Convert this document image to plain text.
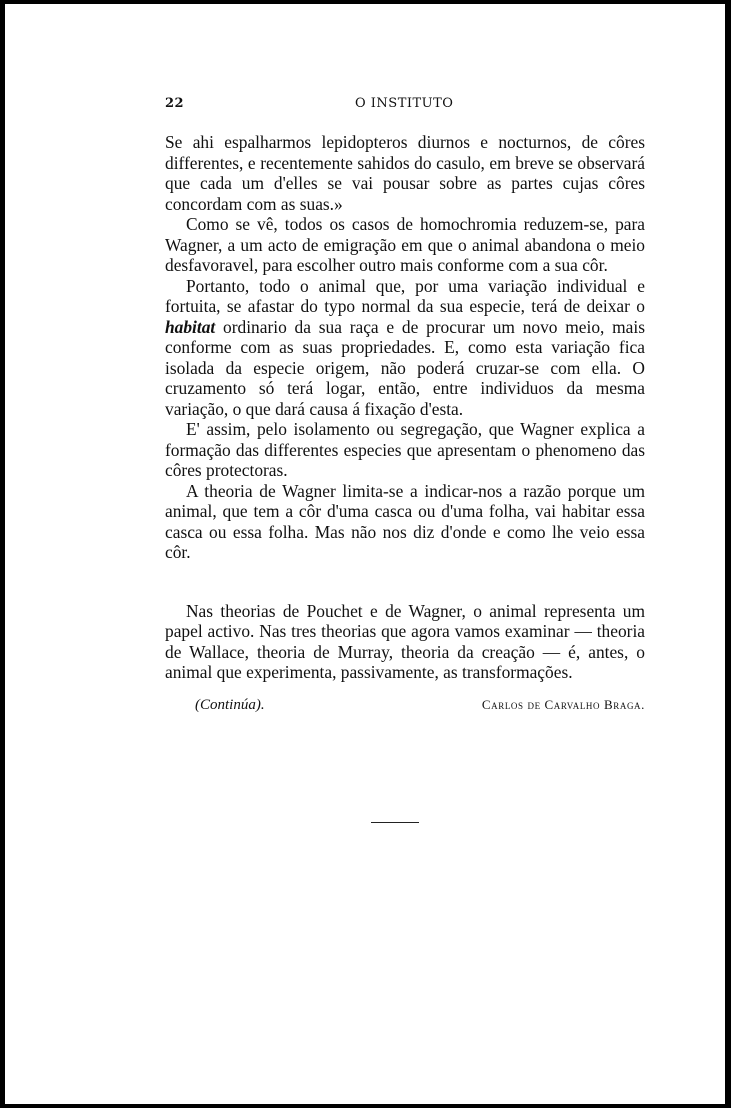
22	O INSTITUTO

Se ahi espalharmos lepidopteros diurnos e nocturnos, de côres differentes, e recentemente sahidos do casulo, em breve se observará que cada um d'elles se vai pousar sobre as partes cujas côres concordam com as suas.»

Como se vê, todos os casos de homochromia reduzem-se, para Wagner, a um acto de emigração em que o animal abandona o meio desfavoravel, para escolher outro mais conforme com a sua côr.

Portanto, todo o animal que, por uma variação individual e fortuita, se afastar do typo normal da sua especie, terá de deixar o habitat ordinario da sua raça e de procurar um novo meio, mais conforme com as suas propriedades. E, como esta variação fica isolada da especie origem, não poderá cruzar-se com ella. O cruzamento só terá logar, então, entre individuos da mesma variação, o que dará causa á fixação d'esta.

E' assim, pelo isolamento ou segregação, que Wagner explica a formação das differentes especies que apresentam o phenomeno das côres protectoras.

A theoria de Wagner limita-se a indicar-nos a razão porque um animal, que tem a côr d'uma casca ou d'uma folha, vai habitar essa casca ou essa folha. Mas não nos diz d'onde e como lhe veio essa côr.

Nas theorias de Pouchet e de Wagner, o animal representa um papel activo. Nas tres theorias que agora vamos examinar — theoria de Wallace, theoria de Murray, theoria da creação — é, antes, o animal que experimenta, passivamente, as transformações.

(Continúa).	Carlos de Carvalho Braga.
